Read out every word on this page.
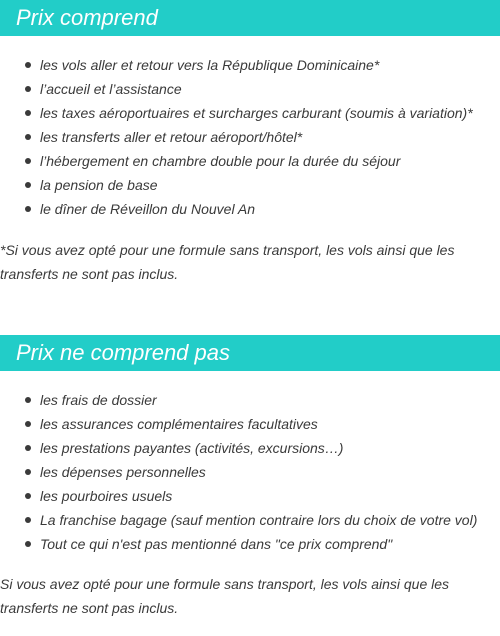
Prix comprend
les vols aller et retour vers la République Dominicaine*
l’accueil et l’assistance
les taxes aéroportuaires et surcharges carburant (soumis à variation)*
les transferts aller et retour aéroport/hôtel*
l’hébergement en chambre double pour la durée du séjour
la pension de base
le dîner de Réveillon du Nouvel An
*Si vous avez opté pour une formule sans transport, les vols ainsi que les transferts ne sont pas inclus.
Prix ne comprend pas
les frais de dossier
les assurances complémentaires facultatives
les prestations payantes (activités, excursions…)
les dépenses personnelles
les pourboires usuels
La franchise bagage (sauf mention contraire lors du choix de votre vol)
Tout ce qui n'est pas mentionné dans "ce prix comprend"
Si vous avez opté pour une formule sans transport, les vols ainsi que les transferts ne sont pas inclus.
